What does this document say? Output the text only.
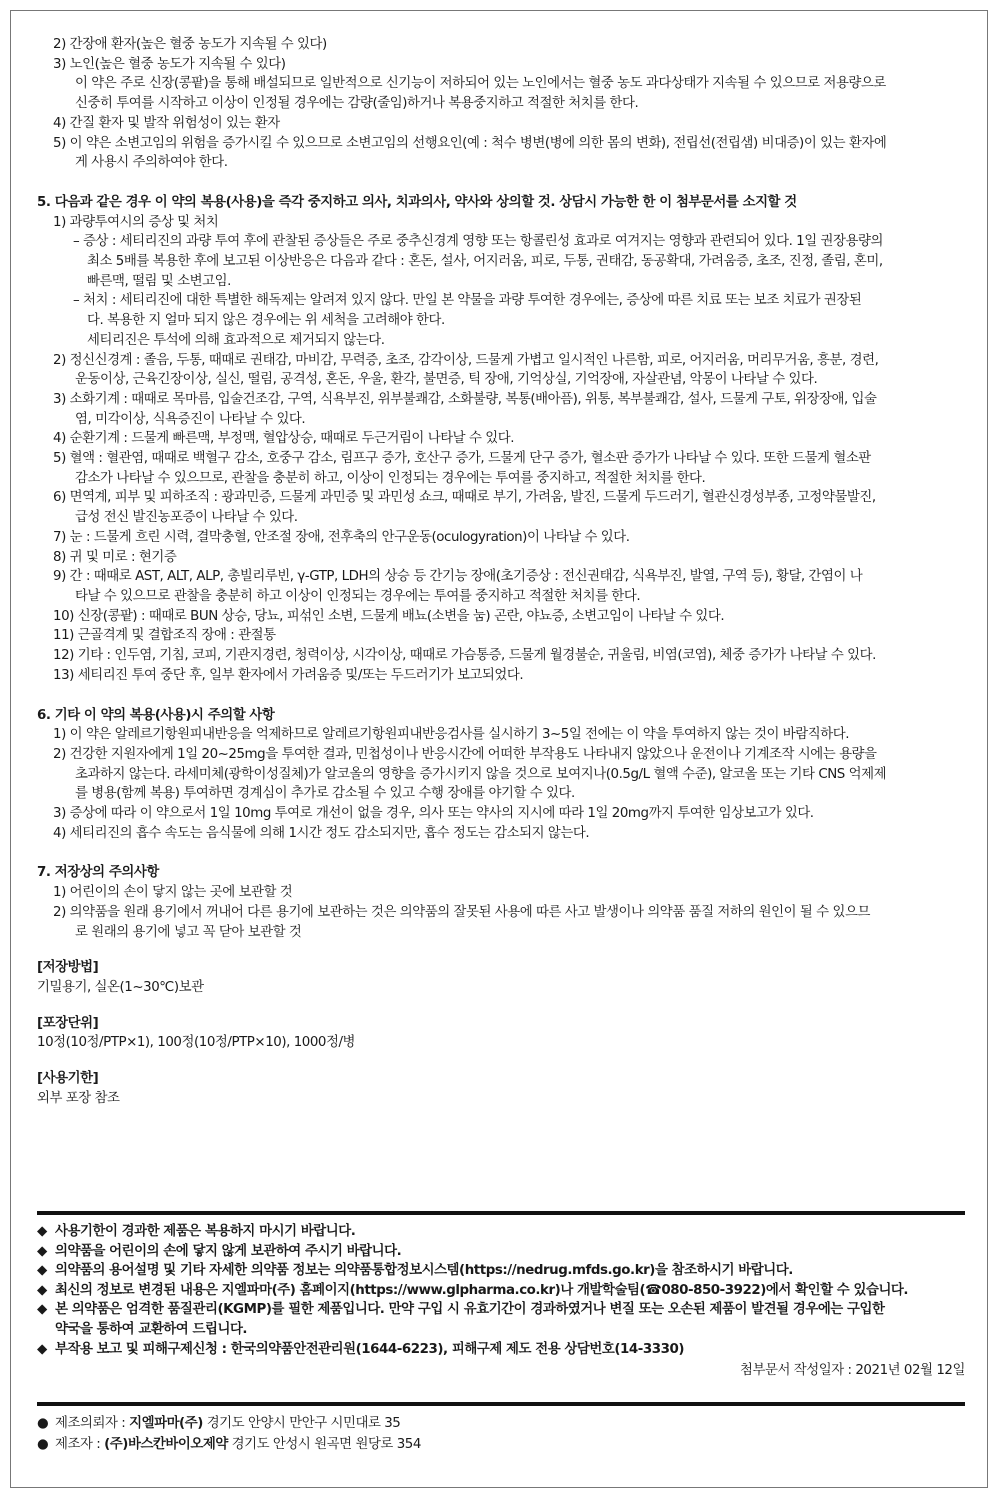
2) 간장애 환자(높은 혈중 농도가 지속될 수 있다)
3) 노인(높은 혈중 농도가 지속될 수 있다)
이 약은 주로 신장(콩팥)을 통해 배설되므로 일반적으로 신기능이 저하되어 있는 노인에서는 혈중 농도 과다상태가 지속될 수 있으므로 저용량으로
신중히 투여를 시작하고 이상이 인정될 경우에는 감량(줄임)하거나 복용중지하고 적절한 처치를 한다.
4) 간질 환자 및 발작 위험성이 있는 환자
5) 이 약은 소변고임의 위험을 증가시킬 수 있으므로 소변고임의 선행요인(예 : 척수 병변(병에 의한 몸의 변화), 전립선(전립샘) 비대증)이 있는 환자에
게 사용시 주의하여야 한다.
5. 다음과 같은 경우 이 약의 복용(사용)을 즉각 중지하고 의사, 치과의사, 약사와 상의할 것. 상담시 가능한 한 이 첨부문서를 소지할 것
1) 과량투여시의 증상 및 처치
– 증상 : 세티리진의 과량 투여 후에 관찰된 증상들은 주로 중추신경계 영향 또는 항콜린성 효과로 여겨지는 영향과 관련되어 있다. 1일 권장용량의
최소 5배를 복용한 후에 보고된 이상반응은 다음과 같다 : 혼돈, 설사, 어지러움, 피로, 두통, 권태감, 동공확대, 가려움증, 초조, 진정, 졸림, 혼미,
빠른맥, 떨림 및 소변고임.
– 처치 : 세티리진에 대한 특별한 해독제는 알려져 있지 않다. 만일 본 약물을 과량 투여한 경우에는, 증상에 따른 치료 또는 보조 치료가 권장된
다. 복용한 지 얼마 되지 않은 경우에는 위 세척을 고려해야 한다.
세티리진은 투석에 의해 효과적으로 제거되지 않는다.
2) 정신신경계 : 졸음, 두통, 때때로 권태감, 마비감, 무력증, 초조, 감각이상, 드물게 가볍고 일시적인 나른함, 피로, 어지러움, 머리무거움, 흥분, 경련,
운동이상, 근육긴장이상, 실신, 떨림, 공격성, 혼돈, 우울, 환각, 불면증, 틱 장애, 기억상실, 기억장애, 자살관념, 악몽이 나타날 수 있다.
3) 소화기계 : 때때로 목마름, 입술건조감, 구역, 식욕부진, 위부불쾌감, 소화불량, 복통(배아픔), 위통, 복부불쾌감, 설사, 드물게 구토, 위장장애, 입술
염, 미각이상, 식욕증진이 나타날 수 있다.
4) 순환기계 : 드물게 빠른맥, 부정맥, 혈압상승, 때때로 두근거림이 나타날 수 있다.
5) 혈액 : 혈관염, 때때로 백혈구 감소, 호중구 감소, 림프구 증가, 호산구 증가, 드물게 단구 증가, 혈소판 증가가 나타날 수 있다. 또한 드물게 혈소판
감소가 나타날 수 있으므로, 관찰을 충분히 하고, 이상이 인정되는 경우에는 투여를 중지하고, 적절한 처치를 한다.
6) 면역계, 피부 및 피하조직 : 광과민증, 드물게 과민증 및 과민성 쇼크, 때때로 부기, 가려움, 발진, 드물게 두드러기, 혈관신경성부종, 고정약물발진,
급성 전신 발진농포증이 나타날 수 있다.
7) 눈 : 드물게 흐린 시력, 결막충혈, 안조절 장애, 전후축의 안구운동(oculogyration)이 나타날 수 있다.
8) 귀 및 미로 : 현기증
9) 간 : 때때로 AST, ALT, ALP, 총빌리루빈, γ-GTP, LDH의 상승 등 간기능 장애(초기증상 : 전신권태감, 식욕부진, 발열, 구역 등), 황달, 간염이 나
타날 수 있으므로 관찰을 충분히 하고 이상이 인정되는 경우에는 투여를 중지하고 적절한 처치를 한다.
10) 신장(콩팥) : 때때로 BUN 상승, 당뇨, 피섞인 소변, 드물게 배뇨(소변을 눔) 곤란, 야뇨증, 소변고임이 나타날 수 있다.
11) 근골격계 및 결합조직 장애 : 관절통
12) 기타 : 인두염, 기침, 코피, 기관지경련, 청력이상, 시각이상, 때때로 가슴통증, 드물게 월경불순, 귀울림, 비염(코염), 체중 증가가 나타날 수 있다.
13) 세티리진 투여 중단 후, 일부 환자에서 가려움증 및/또는 두드러기가 보고되었다.
6. 기타 이 약의 복용(사용)시 주의할 사항
1) 이 약은 알레르기항원피내반응을 억제하므로 알레르기항원피내반응검사를 실시하기 3~5일 전에는 이 약을 투여하지 않는 것이 바람직하다.
2) 건강한 지원자에게 1일 20~25mg을 투여한 결과, 민첩성이나 반응시간에 어떠한 부작용도 나타내지 않았으나 운전이나 기계조작 시에는 용량을
초과하지 않는다. 라세미체(광학이성질체)가 알코올의 영향을 증가시키지 않을 것으로 보여지나(0.5g/L 혈액 수준), 알코올 또는 기타 CNS 억제제
를 병용(함께 복용) 투여하면 경계심이 추가로 감소될 수 있고 수행 장애를 야기할 수 있다.
3) 증상에 따라 이 약으로서 1일 10mg 투여로 개선이 없을 경우, 의사 또는 약사의 지시에 따라 1일 20mg까지 투여한 임상보고가 있다.
4) 세티리진의 흡수 속도는 음식물에 의해 1시간 정도 감소되지만, 흡수 정도는 감소되지 않는다.
7. 저장상의 주의사항
1) 어린이의 손이 닿지 않는 곳에 보관할 것
2) 의약품을 원래 용기에서 꺼내어 다른 용기에 보관하는 것은 의약품의 잘못된 사용에 따른 사고 발생이나 의약품 품질 저하의 원인이 될 수 있으므
로 원래의 용기에 넣고 꼭 닫아 보관할 것
[저장방법]
기밀용기, 실온(1~30℃)보관
[포장단위]
10정(10정/PTP×1), 100정(10정/PTP×10), 1000정/병
[사용기한]
외부 포장 참조
◆ 사용기한이 경과한 제품은 복용하지 마시기 바랍니다.
◆ 의약품을 어린이의 손에 닿지 않게 보관하여 주시기 바랍니다.
◆ 의약품의 용어설명 및 기타 자세한 의약품 정보는 의약품통합정보시스템(https://nedrug.mfds.go.kr)을 참조하시기 바랍니다.
◆ 최신의 정보로 변경된 내용은 지엘파마(주) 홈페이지(https://www.glpharma.co.kr)나 개발학술팀(☎080-850-3922)에서 확인할 수 있습니다.
◆ 본 의약품은 엄격한 품질관리(KGMP)를 필한 제품입니다. 만약 구입 시 유효기간이 경과하였거나 변질 또는 오손된 제품이 발견될 경우에는 구입한
약국을 통하여 교환하여 드립니다.
◆ 부작용 보고 및 피해구제신청 : 한국의약품안전관리원(1644-6223), 피해구제 제도 전용 상담번호(14-3330)
첨부문서 작성일자 : 2021년 02월 12일
● 제조의뢰자 : 지엘파마(주) 경기도 안양시 만안구 시민대로 35
● 제조자 : (주)바스칸바이오제약 경기도 안성시 원곡면 원당로 354
